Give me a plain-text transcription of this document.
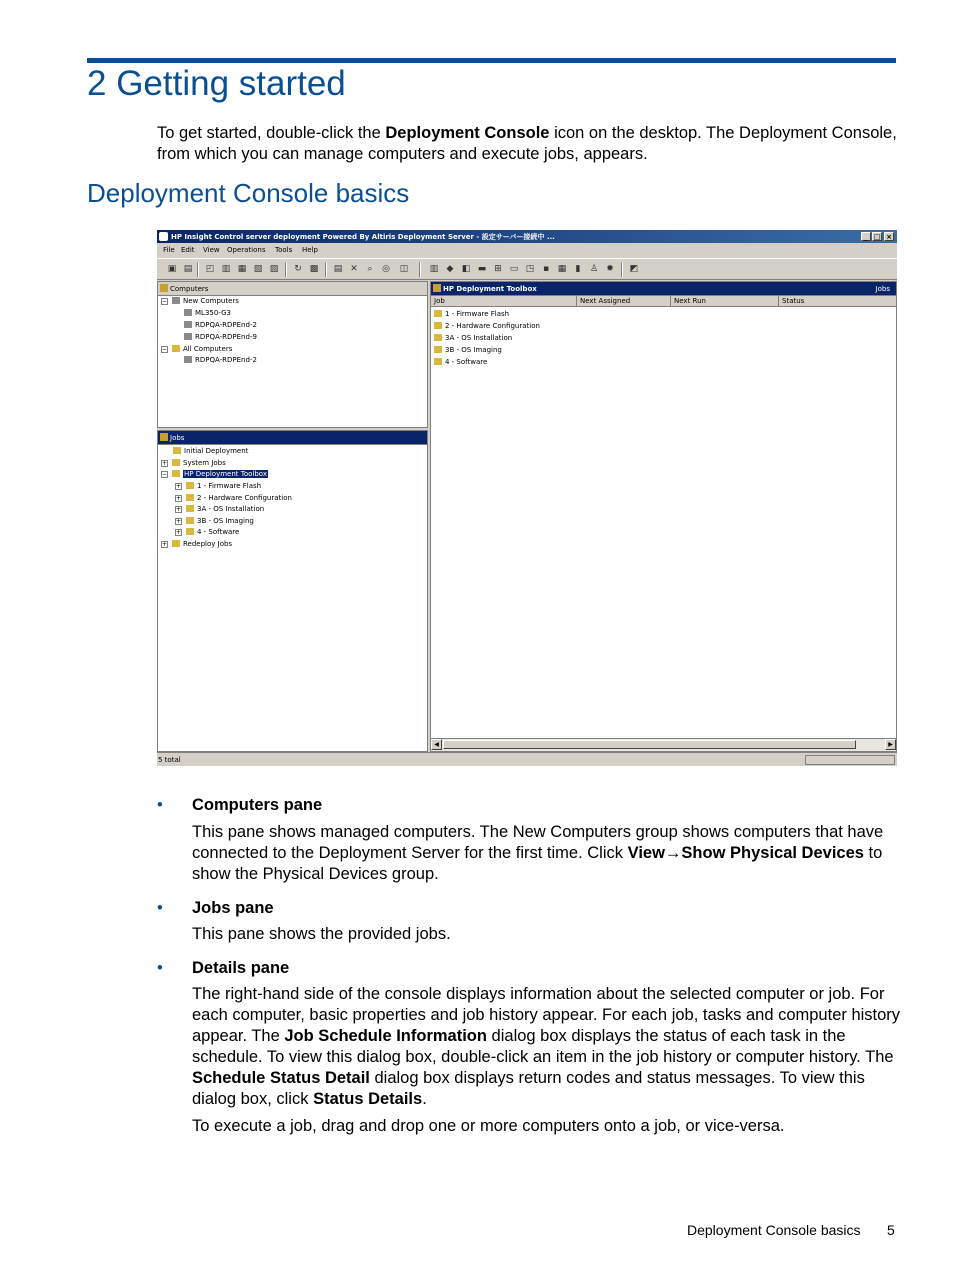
2 Getting started

To get started, double-click the Deployment Console icon on the desktop. The Deployment Console, from which you can manage computers and execute jobs, appears.

Deployment Console basics
HP Insight Control server deployment Powered By Altiris Deployment Server - 設定サーバー接続中 ...	_ □ ×
File Edit View Operations Tools Help
▣ ▤ ◰ ▥ ▦ ▧ ▨ ↻ ▩ ▤ ✕ ⌕ ◎ ◫ ▥ ◆ ◧ ▬ ⊞ ▭ ◳ ▪ ▦ ▮ ♙ ✹ ◩
Computers
− New Computers
ML350-G3
RDPQA-RDPEnd-2
RDPQA-RDPEnd-9
− All Computers
RDPQA-RDPEnd-2
Jobs
Initial Deployment
+ System Jobs
− HP Deployment Toolbox
+ 1 - Firmware Flash
+ 2 - Hardware Configuration
+ 3A - OS Installation
+ 3B - OS Imaging
+ 4 - Software
+ Redeploy Jobs
HP Deployment Toolbox	Jobs
Job	Next Assigned	Next Run	Status
1 - Firmware Flash
2 - Hardware Configuration
3A - OS Installation
3B - OS Imaging
4 - Software
◀	▶
5 total
• Computers pane

This pane shows managed computers. The New Computers group shows computers that have connected to the Deployment Server for the first time. Click View→Show Physical Devices to show the Physical Devices group.

• Jobs pane

This pane shows the provided jobs.

• Details pane

The right-hand side of the console displays information about the selected computer or job. For each computer, basic properties and job history appear. For each job, tasks and computer history appear. The Job Schedule Information dialog box displays the status of each task in the schedule. To view this dialog box, double-click an item in the job history or computer history. The Schedule Status Detail dialog box displays return codes and status messages. To view this dialog box, click Status Details.

To execute a job, drag and drop one or more computers onto a job, or vice-versa.

Deployment Console basics 5
